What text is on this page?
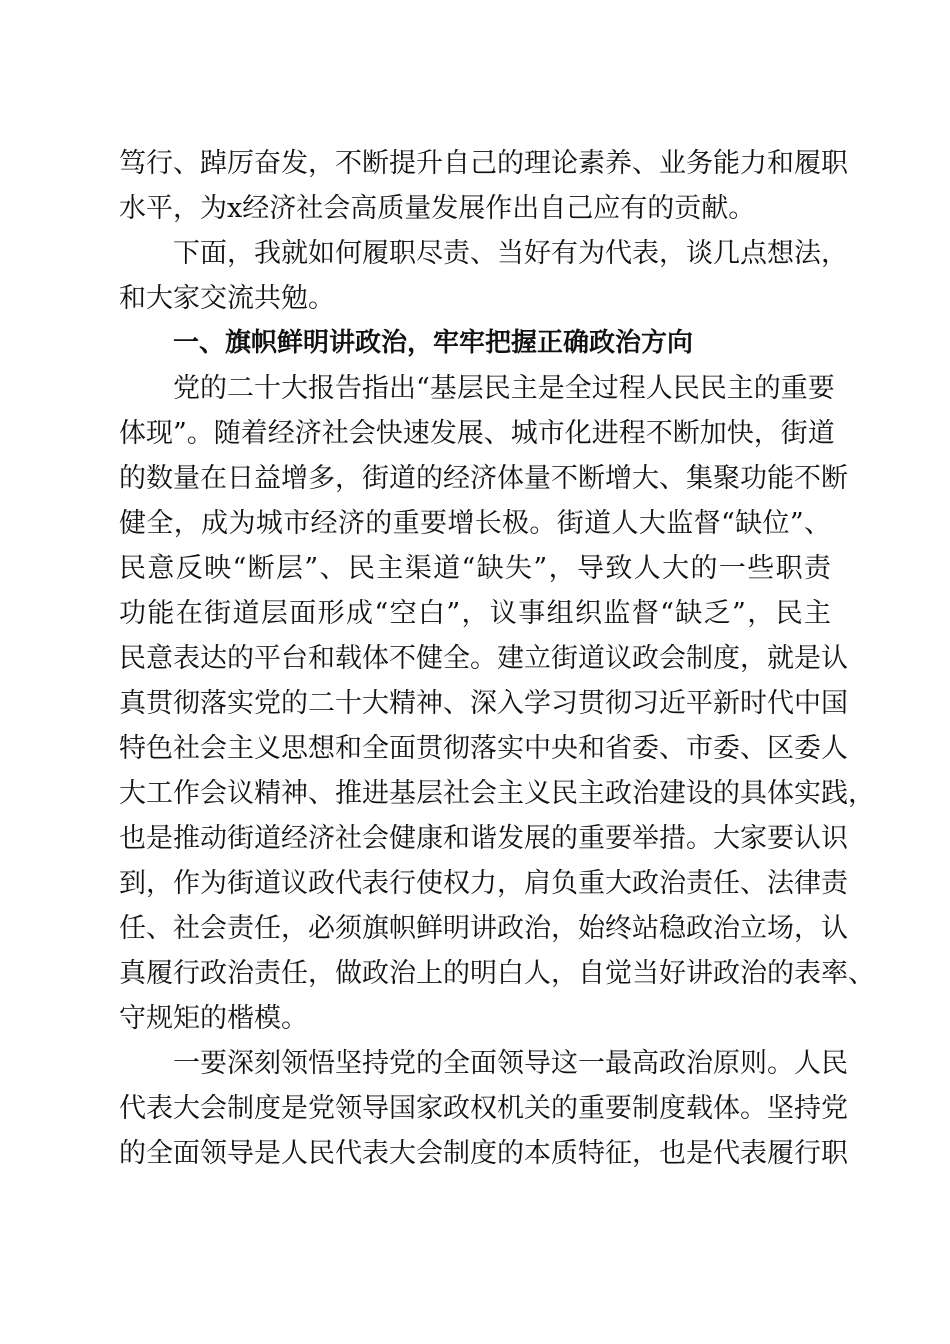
笃行、踔厉奋发，不断提升自己的理论素养、业务能力和履职
水平，为x经济社会高质量发展作出自己应有的贡献。
下面，我就如何履职尽责、当好有为代表，谈几点想法，
和大家交流共勉。
一、旗帜鲜明讲政治，牢牢把握正确政治方向
党的二十大报告指出“基层民主是全过程人民民主的重要
体现”。随着经济社会快速发展、城市化进程不断加快，街道
的数量在日益增多，街道的经济体量不断增大、集聚功能不断
健全，成为城市经济的重要增长极。街道人大监督“缺位”、
民意反映“断层”、民主渠道“缺失”，导致人大的一些职责
功能在街道层面形成“空白”，议事组织监督“缺乏”，民主
民意表达的平台和载体不健全。建立街道议政会制度，就是认
真贯彻落实党的二十大精神、深入学习贯彻习近平新时代中国
特色社会主义思想和全面贯彻落实中央和省委、市委、区委人
大工作会议精神、推进基层社会主义民主政治建设的具体实践，
也是推动街道经济社会健康和谐发展的重要举措。大家要认识
到，作为街道议政代表行使权力，肩负重大政治责任、法律责
任、社会责任，必须旗帜鲜明讲政治，始终站稳政治立场，认
真履行政治责任，做政治上的明白人，自觉当好讲政治的表率、
守规矩的楷模。
一要深刻领悟坚持党的全面领导这一最高政治原则。人民
代表大会制度是党领导国家政权机关的重要制度载体。坚持党
的全面领导是人民代表大会制度的本质特征，也是代表履行职
